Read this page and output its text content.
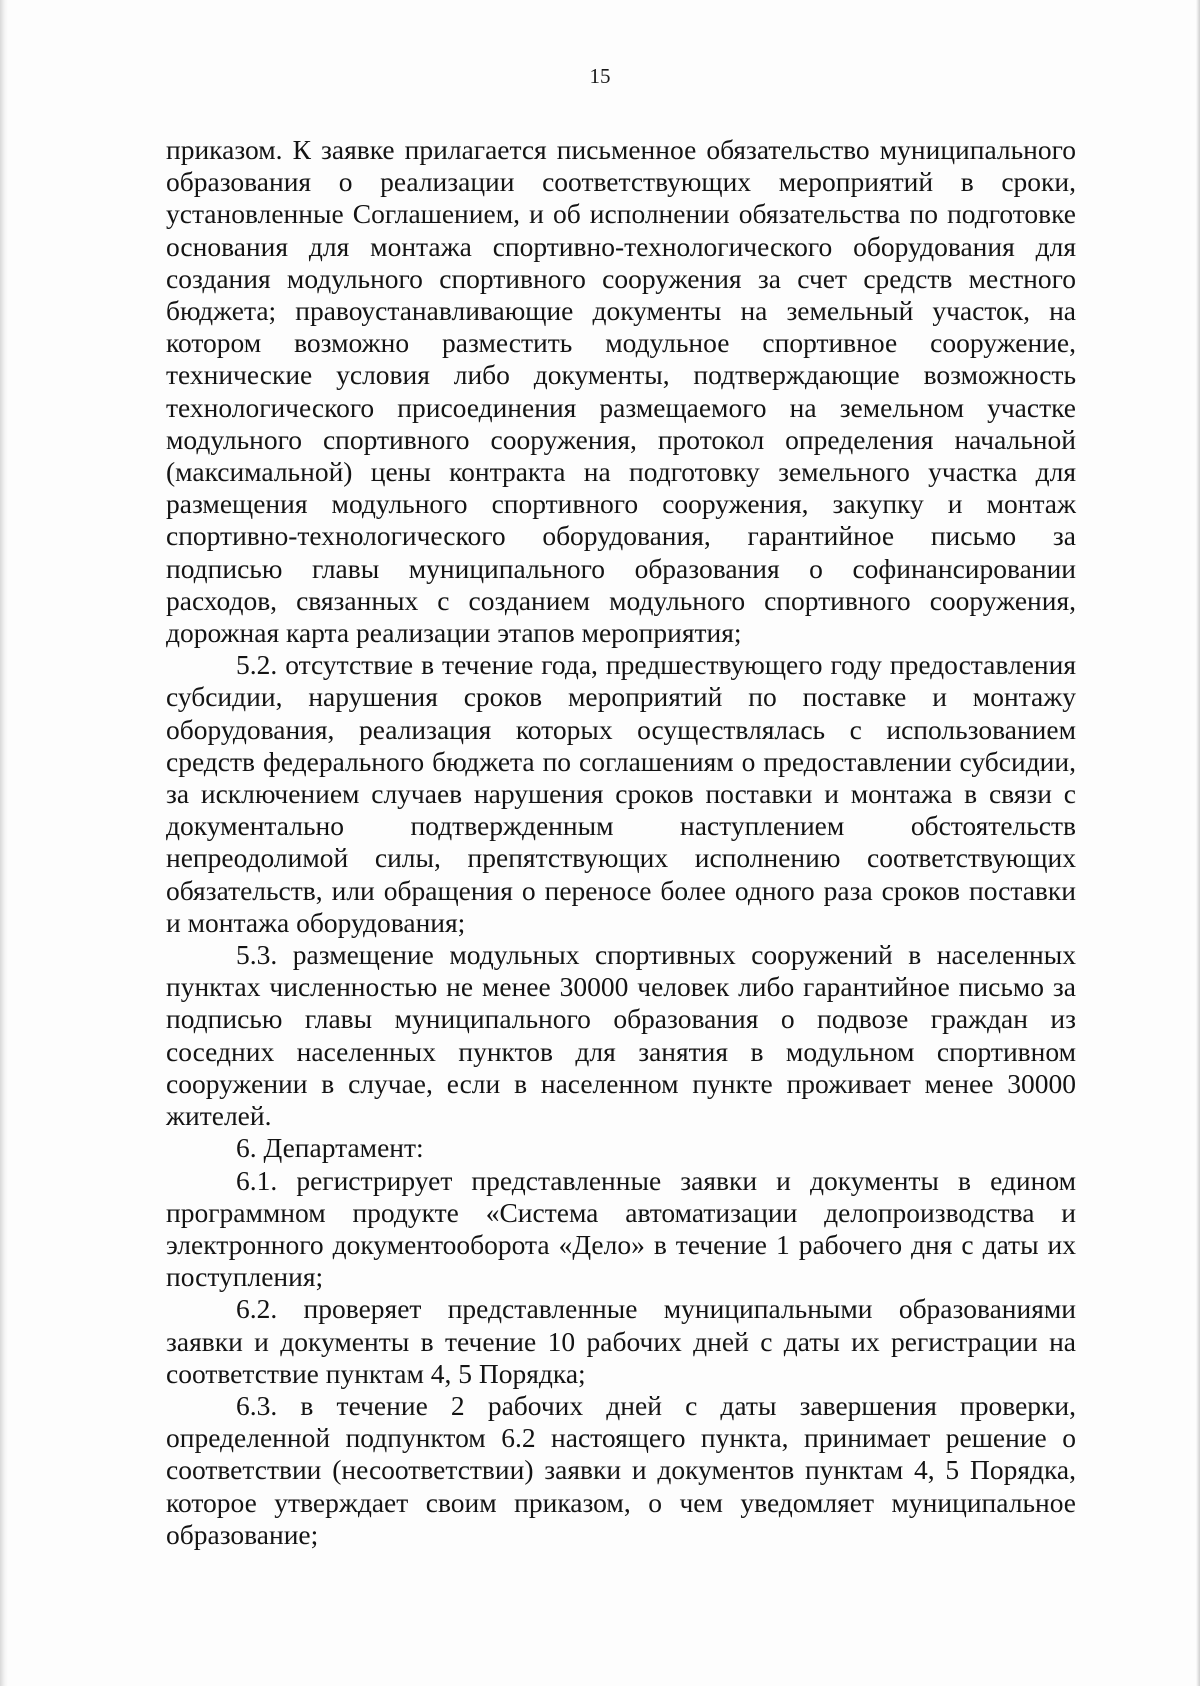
15

приказом. К заявке прилагается письменное обязательство муниципального образования о реализации соответствующих мероприятий в сроки, установленные Соглашением, и об исполнении обязательства по подготовке основания для монтажа спортивно-технологического оборудования для создания модульного спортивного сооружения за счет средств местного бюджета; правоустанавливающие документы на земельный участок, на котором возможно разместить модульное спортивное сооружение, технические условия либо документы, подтверждающие возможность технологического присоединения размещаемого на земельном участке модульного спортивного сооружения, протокол определения начальной (максимальной) цены контракта на подготовку земельного участка для размещения модульного спортивного сооружения, закупку и монтаж спортивно-технологического оборудования, гарантийное письмо за подписью главы муниципального образования о софинансировании расходов, связанных с созданием модульного спортивного сооружения, дорожная карта реализации этапов мероприятия;

5.2. отсутствие в течение года, предшествующего году предоставления субсидии, нарушения сроков мероприятий по поставке и монтажу оборудования, реализация которых осуществлялась с использованием средств федерального бюджета по соглашениям о предоставлении субсидии, за исключением случаев нарушения сроков поставки и монтажа в связи с документально подтвержденным наступлением обстоятельств непреодолимой силы, препятствующих исполнению соответствующих обязательств, или обращения о переносе более одного раза сроков поставки и монтажа оборудования;

5.3. размещение модульных спортивных сооружений в населенных пунктах численностью не менее 30000 человек либо гарантийное письмо за подписью главы муниципального образования о подвозе граждан из соседних населенных пунктов для занятия в модульном спортивном сооружении в случае, если в населенном пункте проживает менее 30000 жителей.

6. Департамент:

6.1. регистрирует представленные заявки и документы в едином программном продукте «Система автоматизации делопроизводства и электронного документооборота «Дело» в течение 1 рабочего дня с даты их поступления;

6.2. проверяет представленные муниципальными образованиями заявки и документы в течение 10 рабочих дней с даты их регистрации на соответствие пунктам 4, 5 Порядка;

6.3. в течение 2 рабочих дней с даты завершения проверки, определенной подпунктом 6.2 настоящего пункта, принимает решение о соответствии (несоответствии) заявки и документов пунктам 4, 5 Порядка, которое утверждает своим приказом, о чем уведомляет муниципальное образование;
